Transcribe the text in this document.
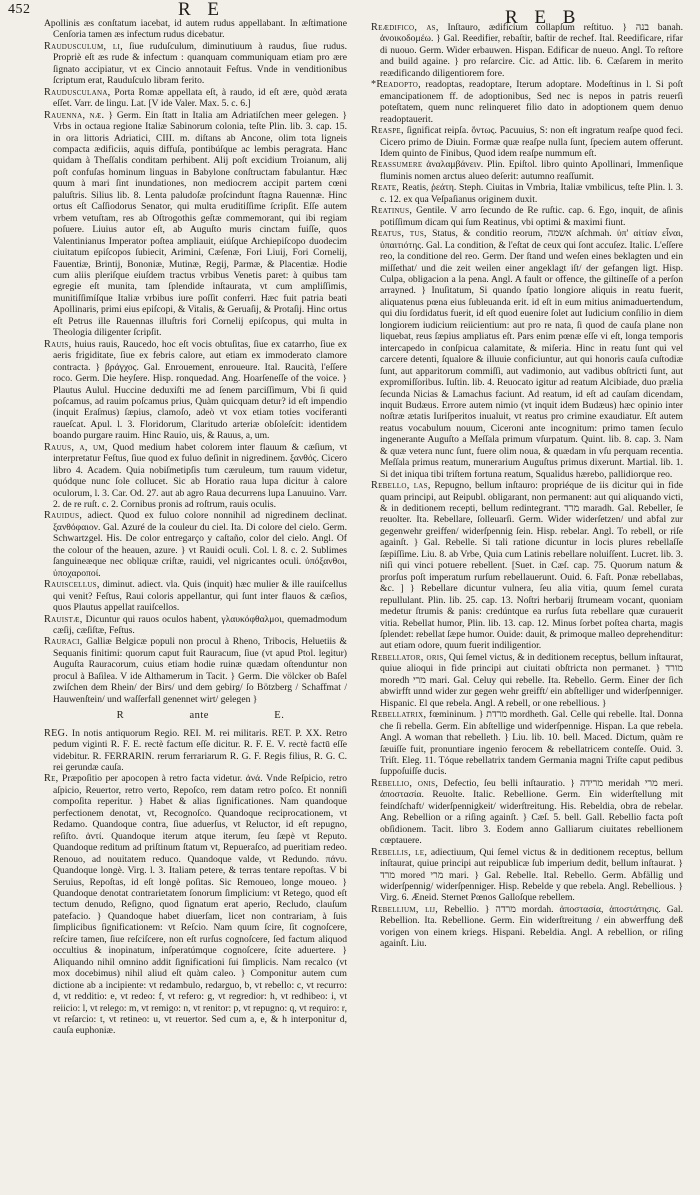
452	R E	R E B

Apollinis æs conſtatum iacebat, id autem rudus appellabant. In æſtimatione Cenſoria tamen æs infectum rudus dicebatur.

Rauduſculum, li, ſiue ruduſculum, diminutiuum à raudus, ſiue rudus. Propriè eſt æs rude & infectum : quanquam communiquam etiam pro ære ſignato accipiatur, vt ex Cincio annotauit Feſtus. Vnde in venditionibus ſcriptum erat, Rauduſculo libram ferito.

Rauduſculana, Porta Romæ appellata eſt, à raudo, id eſt ære, quòd ærata eſſet. Varr. de lingu. Lat. [V ide Valer. Max. 5. c. 6.]

Rauenna, næ. } Germ. Ein ſtatt in Italia am Adriatiſchen meer gelegen. } Vrbs in octaua regione Italiæ Sabinorum colonia, teſte Plin. lib. 3. cap. 15. in ora littoris Adriatici, CIII. m. diſtans ab Ancone, olim tota ligneis compacta ædificiis, aquis diffuſa, pontibúſque ac lembis peragrata. Hanc quidam à Theſſalis conditam perhibent. Alij poſt excidium Troianum, alij poſt confuſas hominum linguas in Babylone conſtructam fabulantur. Hæc quum à mari ſint inundationes, non mediocrem accipit partem cœni paluſtris. Silius lib. 8. Lenta paludoſæ proſcindunt ſtagna Rauennæ. Hinc ortus eſt Caſſiodorus Senator, qui multa eruditiſſime ſcripſit. Eſſe autem vrbem vetuſtam, res ab Oſtrogothis geſtæ commemorant, qui ibi regiam poſuere. Liuius autor eſt, ab Auguſto muris cinctam fuiſſe, quos Valentinianus Imperator poſtea ampliauit, eiúſque Archiepiſcopo duodecim ciuitatum epiſcopos ſubiecit, Arimini, Cæſenæ, Fori Liuij, Fori Cornelij, Fauentiæ, Brintij, Bononiæ, Mutinæ, Regij, Parmæ, & Placentiæ. Hodie cum aliis pleriſque eiuſdem tractus vrbibus Venetis paret: à quibus tam egregie eſt munita, tam ſplendide inſtaurata, vt cum ampliſſimis, munitiſſimíſque Italiæ vrbibus iure poſſit conferri. Hæc fuit patria beati Apollinaris, primi eius epiſcopi, & Vitalis, & Geruaſij, & Protaſij. Hinc ortus eſt Petrus ille Rauennas illuſtris fori Cornelij epiſcopus, qui multa in Theologia diligenter ſcripſit.

Rauis, huius rauis, Raucedo, hoc eſt vocis obtuſitas, ſiue ex catarrho, ſiue ex aeris frigiditate, ſiue ex febris calore, aut etiam ex immoderato clamore contracta. } βράγχος. Gal. Enrouement, enroueure. Ital. Raucità, l'eſſere roco. Germ. Die heyſere. Hisp. ronquedad. Ang. Hoarſeneſſe of the voice. } Plautus Aulul. Huccine deduxiſti me ad ſenem parciſſimum, Vbi ſi quid poſcamus, ad rauim poſcamus prius, Quàm quicquam detur? id eſt impendio (inquit Eraſmus) ſæpius, clamoſo, adeò vt vox etiam toties vociferanti raueſcat. Apul. l. 3. Floridorum, Claritudo arteriæ obſoleſcit: identidem boando purgare rauim. Hinc Rauio, uis, & Rauus, a, um.

Rauus, a, um, Quod medium habet colorem inter flauum & cæſium, vt interpretatur Feſtus, ſiue quod ex fuluo deſinit in nigredinem. ξανθός. Cicero libro 4. Academ. Quia nobiſmetipſis tum cæruleum, tum rauum videtur, quódque nunc ſole collucet. Sic ab Horatio raua lupa dicitur à calore oculorum, l. 3. Car. Od. 27. aut ab agro Raua decurrens lupa Lanuuino. Varr. 2. de re ruſt. c. 2. Cornibus pronis ad roſtrum, rauis oculis.

Rauidus, adiect. Quod ex fuluo colore nonnihil ad nigredinem declinat. ξανθόφαιον. Gal. Azuré de la couleur du ciel. Ita. Di colore del cielo. Germ. Schwartzgel. His. De color entregarço y caſtaño, color del cielo. Angl. Of the colour of the heauen, azure. } vt Rauidi oculi. Col. l. 8. c. 2. Sublimes ſanguineæque nec obliquæ criſtæ, rauidi, vel nigricantes oculi. ὑπόξανθοι, ὑποχαροποί.

Rauiſcellus, diminut. adiect. vla. Quis (inquit) hæc mulier & ille rauiſcellus qui venit? Feſtus, Raui coloris appellantur, qui ſunt inter flauos & cæſios, quos Plautus appellat rauiſcellos.

Rauiſtæ, Dicuntur qui rauos oculos habent, γλαυκόφθαλμοι, quemadmodum cæſij, cæſiſtæ, Feſtus.

Rauraci, Galliæ Belgicæ populi non procul à Rheno, Tribocis, Heluetiis & Sequanis finitimi: quorum caput fuit Rauracum, ſiue (vt apud Ptol. legitur) Auguſta Rauracorum, cuius etiam hodie ruinæ quædam oſtenduntur non procul à Baſilea. V ide Althamerum in Tacit. } Germ. Die völcker ob Baſel zwiſchen dem Rhein/ der Birs/ und dem gebirg/ ſo Bötzberg / Schaffmat / Hauwenſtein/ und waſſerfall genennet wirt/ gelegen }

R	ante	E.

REG. In notis antiquorum Regio. REI. M. rei militaris. RET. P. XX. Retro pedum viginti R. F. E. rectè factum eſſe dicitur. R. F. E. V. rectè factū eſſe videbitur. R. FERRARIN. rerum ferrariarum R. G. F. Regis filius, R. G. C. rei gerundæ cauſa.

Re, Præpoſitio per apocopen à retro facta videtur. ἀνά. Vnde Reſpicio, retro aſpicio, Reuertor, retro verto, Repoſco, rem datam retro poſco. Et nonniſi compoſita reperitur. } Habet & alias ſignificationes. Nam quandoque perfectionem denotat, vt, Recognoſco. Quandoque reciprocationem, vt Redamo. Quandoque contra, ſiue aduerſus, vt Reluctor, id eſt repugno, reſiſto. ἀντί. Quandoque iterum atque iterum, ſeu ſæpè vt Reputo. Quandoque reditum ad priſtinum ſtatum vt, Repueraſco, ad pueritiam redeo. Renouo, ad nouitatem reduco. Quandoque valde, vt Redundo. πάνυ. Quandoque longè. Virg. l. 3. Italiam petere, & terras tentare repoſtas. V bi Seruius, Repoſtas, id eſt longè poſitas. Sic Remoueo, longe moueo. } Quandoque denotat contrarietatem ſonorum ſimplicium: vt Retego, quod eſt tectum denudo, Reſigno, quod ſignatum erat aperio, Recludo, clauſum patefacio. } Quandoque habet diuerſam, licet non contrariam, à ſuis ſimplicibus ſignificationem: vt Reſcio. Nam quum ſcire, ſit cognoſcere, reſcire tamen, ſiue reſciſcere, non eſt rurſus cognoſcere, ſed factum aliquod occultius & inopinatum, inſperatúmque cognoſcere, ſcite aduertere. } Aliquando nihil omnino addit ſignificationi ſui ſimplicis. Nam recalco (vt mox docebimus) nihil aliud eſt quàm caleo. } Componitur autem cum dictione ab a incipiente: vt redambulo, redarguo, b, vt rebello: c, vt recurro: d, vt redditio: e, vt redeo: f, vt refero: g, vt regredior: h, vt redhibeo: i, vt reiicio: l, vt relego: m, vt remigo: n, vt renitor: p, vt repugno: q, vt requiro: r, vt reſarcio: t, vt retineo: u, vt reuertor. Sed cum a, e, & h interponitur d, cauſa euphoniæ.

Reædifico, as, Inſtauro, ædificium collapſum reſtituo. } בנה banah. ἀνοικοδομέω. } Gal. Reedifier, rebaſtir, baſtir de rechef. Ital. Reedificare, rifar di nuouo. Germ. Wider erbauwen. Hispan. Edificar de nueuo. Angl. To reſtore and build againe. } pro reſarcire. Cic. ad Attic. lib. 6. Cæſarem in merito reædificando diligentiorem fore.

*Readopto, readoptas, readoptare, Iterum adoptare. Modeſtinus in l. Si poſt emancipationem ff. de adoptionibus, Sed nec is nepos in patris reuerſi poteſtatem, quem nunc relinqueret filio dato in adoptionem quem denuo readoptauerit.

Reaſpe, ſignificat reipſa. ὄντως. Pacuuius, S: non eſt ingratum reaſpe quod feci. Cicero primo de Diuin. Formæ quæ reaſpe nulla ſunt, ſpeciem autem offerunt. Idem quinto de Finibus, Quod idem reaſpe nummum eſt.

Reaſſumere ἀναλαμβάνειν. Plin. Epiſtol. libro quinto Apollinari, Immenſique fluminis nomen arctus alueo deſerit: autumno reaſſumit.

Reate, Reatis, ῥεάτη. Steph. Ciuitas in Vmbria, Italiæ vmbilicus, teſte Plin. l. 3. c. 12. ex qua Veſpaſianus originem duxit.

Reatinus, Gentile. V arro ſecundo de Re ruſtic. cap. 6. Ego, inquit, de aſinis potiſſimum dicam qui ſum Reatinus, vbi optimi & maximi fiunt.

Reatus, tus, Status, & conditio reorum, אשמה aſchmah. ὑπ' αἰτίαν εἶναι, ὑπαιτιότης. Gal. La condition, & l'eſtat de ceux qui ſont accuſez. Italic. L'eſſere reo, la conditione del reo. Germ. Der ſtand und weſen eines beklagten und ein miſſethat/ und die zeit weilen einer angeklagt iſt/ der gefangen ligt. Hisp. Culpa, obligacion a la pena. Angl. A fault or offence, the giltineſſe of a perſon arrayned. } Inuſitatum, Si quando ſpatio longiore aliquis in reatu fuerit, aliquatenus pœna eius ſubleuanda erit. id eſt in eum mitius animaduertendum, qui diu ſordidatus fuerit, id eſt quod euenire ſolet aut Iudicium conſilio in diem longiorem iudicium reiicientium: aut pro re nata, ſi quod de cauſa plane non liquebat, reus ſæpius ampliatus eſt. Pars enim pœnæ eſſe vi eſt, longa temporis intercapedo in conſpicua calamitate, & miſeria. Hinc in reatu ſunt qui vel carcere detenti, ſqualore & illuuie conficiuntur, aut qui honoris cauſa cuſtodiæ ſunt, aut apparitorum commiſſi, aut vadimonio, aut vadibus obſtricti ſunt, aut expromiſſoribus. Iuſtin. lib. 4. Reuocato igitur ad reatum Alcibiade, duo prælia ſecunda Nicias & Lamachus faciunt. Ad reatum, id eſt ad cauſam dicendam, inquit Budæus. Errore autem nimio (vt inquit idem Budæus) hæc opinio inter noſtræ ætatis Iuriſperitos inualuit, vt reatus pro crimine exaudiatur. Eſt autem reatus vocabulum nouum, Ciceroni ante incognitum: primo tamen ſeculo ingenerante Auguſto a Meſſala primum vſurpatum. Quint. lib. 8. cap. 3. Nam & quæ vetera nunc ſunt, fuere olim noua, & quædam in vſu perquam recentia. Meſſala primus reatum, munerarium Auguſtus primus dixerunt. Martial. lib. 1. Si det iniqua tibi triſtem fortuna reatum, Squalidus hærebo, pallidiorque reo.

Rebello, las, Repugno, bellum inſtauro: propriéque de iis dicitur qui in fide quam principi, aut Reipubl. obligarant, non permanent: aut qui aliquando victi, & in deditionem recepti, bellum redintegrant. מרד maradh. Gal. Rebeller, ſe reuolter. Ita. Rebellare, ſolleuarſi. Germ. Wider widerſetzen/ und abfal zur gegenwehr greiffen/ widerſpennig ſein. Hisp. rebelar. Angl. To rebell, or riſe againſt. } Gal. Rebelle. Si tali ratione dicuntur in locis plures rebellaſſe ſæpiſſime. Liu. 8. ab Vrbe, Quia cum Latinis rebellare noluiſſent. Lucret. lib. 3. niſi qui vinci potuere rebellent. [Suet. in Cæſ. cap. 75. Quorum natum & prorſus poſt imperatum rurſum rebellauerunt. Ouid. 6. Faſt. Ponæ rebellabas, &c. ] } Rebellare dicuntur vulnera, ſeu alia vitia, quum ſemel curata repullulant. Plin. lib. 25. cap. 13. Noſtri herbarij ſtrumeam vocant, quoniam medetur ſtrumis & panis: credúntque ea rurſus ſuta rebellare quæ curauerit vitia. Rebellat humor, Plin. lib. 13. cap. 12. Minus ſorbet poſtea charta, magis ſplendet: rebellat ſæpe humor. Ouide: dauit, & primoque malleo deprehenditur: aut etiam odore, quum fuerit indiligentior.

Rebellator, oris, Qui ſemel victus, & in deditionem receptus, bellum inſtaurat, quiue alioqui in fide principi aut ciuitati obſtricta non permanet. } מורד moredh מרי mari. Gal. Celuy qui rebelle. Ita. Rebello. Germ. Einer der ſich abwirfft unnd wider zur gegen wehr greifft/ ein abſtelliger und widerſpenniger. Hispanic. El que rebela. Angl. A rebell, or one rebellious. }

Rebellatrix, fœmininum. } מרדת mordheth. Gal. Celle qui rebelle. Ital. Donna che ſi rebella. Germ. Ein abſtellige und widerſpennige. Hispan. La que rebela. Angl. A woman that rebelleth. } Liu. lib. 10. bell. Maced. Dictum, quàm re ſæuiſſe fuit, pronuntiare ingenio ferocem & rebellatricem conteſſe. Ouid. 3. Triſt. Eleg. 11. Tóque rebellatrix tandem Germania magni Triſte caput pedibus ſuppoſuiſſe ducis.

Rebellio, onis, Defectio, ſeu belli inſtauratio. } מרידה meridah מרי meri. ἀποστασία. Reuolte. Italic. Rebellione. Germ. Ein widerſtellung mit feindſchaft/ widerſpennigkeit/ widerſtreitung. His. Rebeldia, obra de rebelar. Ang. Rebellion or a riſing againſt. } Cæſ. 5. bell. Gall. Rebellio facta poſt obſidionem. Tacit. libro 3. Eodem anno Galliarum ciuitates rebellionem cœptauere.

Rebellis, le, adiectiuum, Qui ſemel victus & in deditionem receptus, bellum inſtaurat, quiue principi aut reipublicæ ſub imperium dedit, bellum inſtaurat. } מרד mored מרי mari. } Gal. Rebelle. Ital. Rebello. Germ. Abfällig und widerſpennig/ widerſpenniger. Hisp. Rebelde y que rebela. Angl. Rebellious. } Virg. 6. Æneid. Sternet Pœnos Galloſque rebellem.

Rebellium, lij, Rebellio. } מרדה mordah. ἀποστασία, ἀποστάτησις. Gal. Rebellion. Ita. Rebellione. Germ. Ein widerſtreitung / ein abwerffung deß vorigen von einem kriegs. Hispani. Rebeldia. Angl. A rebellion, or riſing againſt. Liu.
